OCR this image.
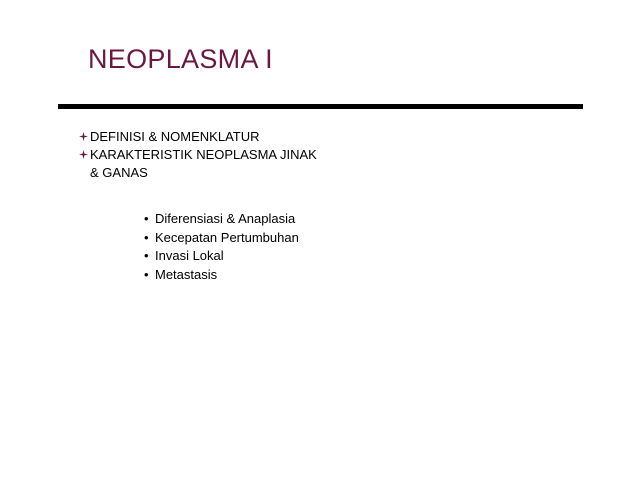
NEOPLASMA I
DEFINISI & NOMENKLATUR
KARAKTERISTIK NEOPLASMA JINAK
& GANAS
• Diferensiasi & Anaplasia
• Kecepatan Pertumbuhan
• Invasi Lokal
• Metastasis
